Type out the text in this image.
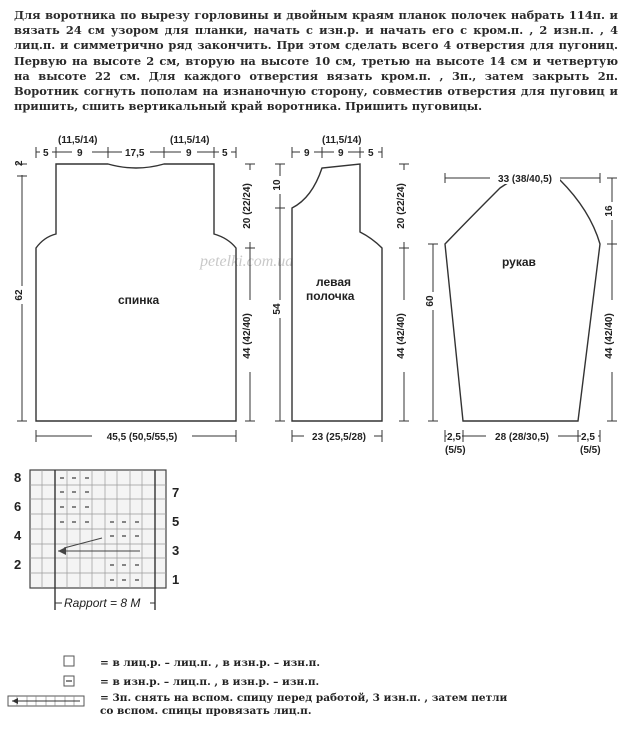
Для воротника по вырезу горловины и двойным краям планок полочек набрать 114п. и вязать 24 см узором для планки, начать с изн.р. и начать его с кром.п. , 2 изн.п. , 4 лиц.п. и симметрично ряд закончить. При этом сделать всего 4 отверстия для пугониц. Первую на высоте 2 см, вторую на высоте 10 см, третью на высоте 14 см и четвертую на высоте 22 см. Для каждого отверстия вязать кром.п. , 3п., затем закрыть 2п. Воротник согнуть пополам на изнаночную сторону, совместив отверстия для пуговиц и пришить, сшить вертикальный край воротника. Пришить пуговицы.

petelki.com.ua
5	9	17,5	9	5
(11,5/14)	(11,5/14)
2
62
20 (22/24)
44 (42/40)
45,5 (50,5/55,5)
спинка
9	9 5
(11,5/14)
10
54
20 (22/24)
44 (42/40)
23 (25,5/28)
левая
полочка
33 (38/40,5)
60
16
44 (42/40)
2,5
(5/5)
28 (28/30,5)	2,5
(5/5)
рукав
Rapport = 8 M
8
6
4
2
7
5
3
1
= в лиц.р. – лиц.п. , в изн.р. – изн.п.
= в изн.р. – лиц.п. , в изн.р. – изн.п.
= 3п. снять на вспом. спицу перед работой, 3 изн.п. , затем петли со вспом. спицы провязать лиц.п.
